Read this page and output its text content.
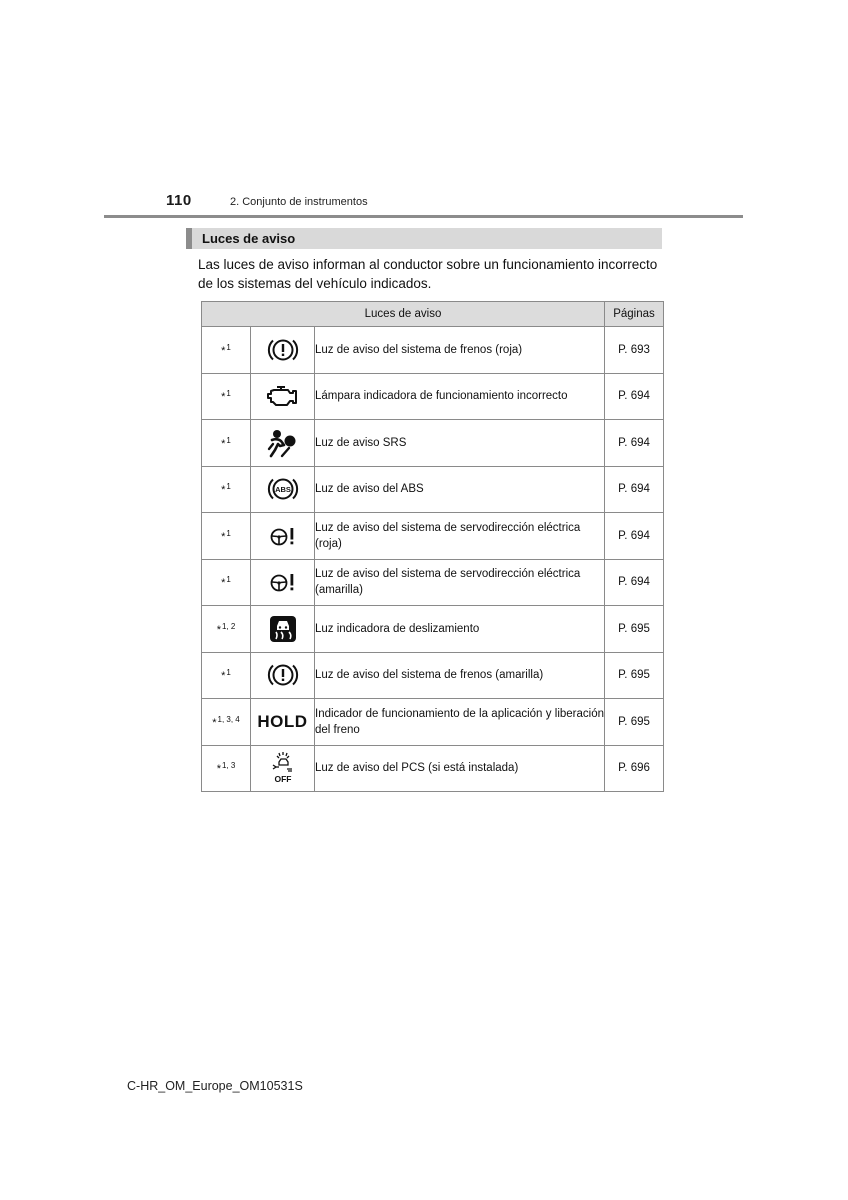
110	2. Conjunto de instrumentos
Luces de aviso

Las luces de aviso informan al conductor sobre un funcionamiento incorrecto de los sistemas del vehículo indicados.

Luces de aviso			Páginas
*$^1$		Luz de aviso del sistema de frenos (roja)	P. 693
*$^1$		Lámpara indicadora de funcionamiento incorrecto	P. 694
*$^1$		Luz de aviso SRS	P. 694
*$^1$	ABS	Luz de aviso del ABS	P. 694
*$^1$		Luz de aviso del sistema de servodirección eléctrica (roja)	P. 694
*$^1$		Luz de aviso del sistema de servodirección eléctrica (amarilla)	P. 694
*$^{1, 2}$		Luz indicadora de deslizamiento	P. 695
*$^1$		Luz de aviso del sistema de frenos (amarilla)	P. 695
*$^{1, 3, 4}$	HOLD	Indicador de funcionamiento de la aplicación y liberación del freno	P. 695
*$^{1, 3}$	OFF	Luz de aviso del PCS (si está instalada)	P. 696
C-HR_OM_Europe_OM10531S
